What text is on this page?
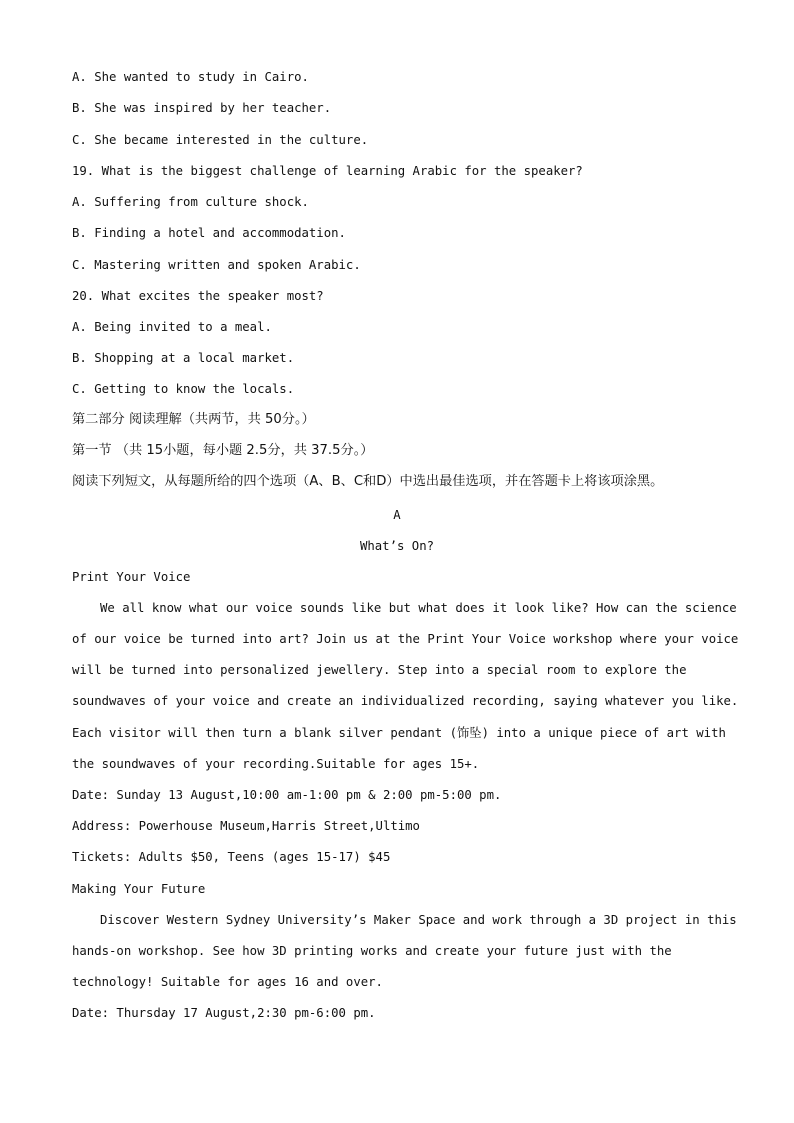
A. She wanted to study in Cairo.
B. She was inspired by her teacher.
C. She became interested in the culture.
19. What is the biggest challenge of learning Arabic for the speaker?
A. Suffering from culture shock.
B. Finding a hotel and accommodation.
C. Mastering written and spoken Arabic.
20. What excites the speaker most?
A. Being invited to a meal.
B. Shopping at a local market.
C. Getting to know the locals.
第二部分 阅读理解（共两节，共 50分。）
第一节 （共 15小题，每小题 2.5分，共 37.5分。）
阅读下列短文，从每题所给的四个选项（A、B、C和D）中选出最佳选项，并在答题卡上将该项涂黑。
A
What’s On?
Print Your Voice
We all know what our voice sounds like but what does it look like? How can the science
of our voice be turned into art? Join us at the Print Your Voice workshop where your voice
will be turned into personalized jewellery. Step into a special room to explore the
soundwaves of your voice and create an individualized recording, saying whatever you like.
Each visitor will then turn a blank silver pendant (饰坠) into a unique piece of art with
the soundwaves of your recording.Suitable for ages 15+.
Date: Sunday 13 August,10:00 am-1:00 pm & 2:00 pm-5:00 pm.
Address: Powerhouse Museum,Harris Street,Ultimo
Tickets: Adults $50, Teens (ages 15-17) $45
Making Your Future
Discover Western Sydney University’s Maker Space and work through a 3D project in this
hands-on workshop. See how 3D printing works and create your future just with the
technology! Suitable for ages 16 and over.
Date: Thursday 17 August,2:30 pm-6:00 pm.
